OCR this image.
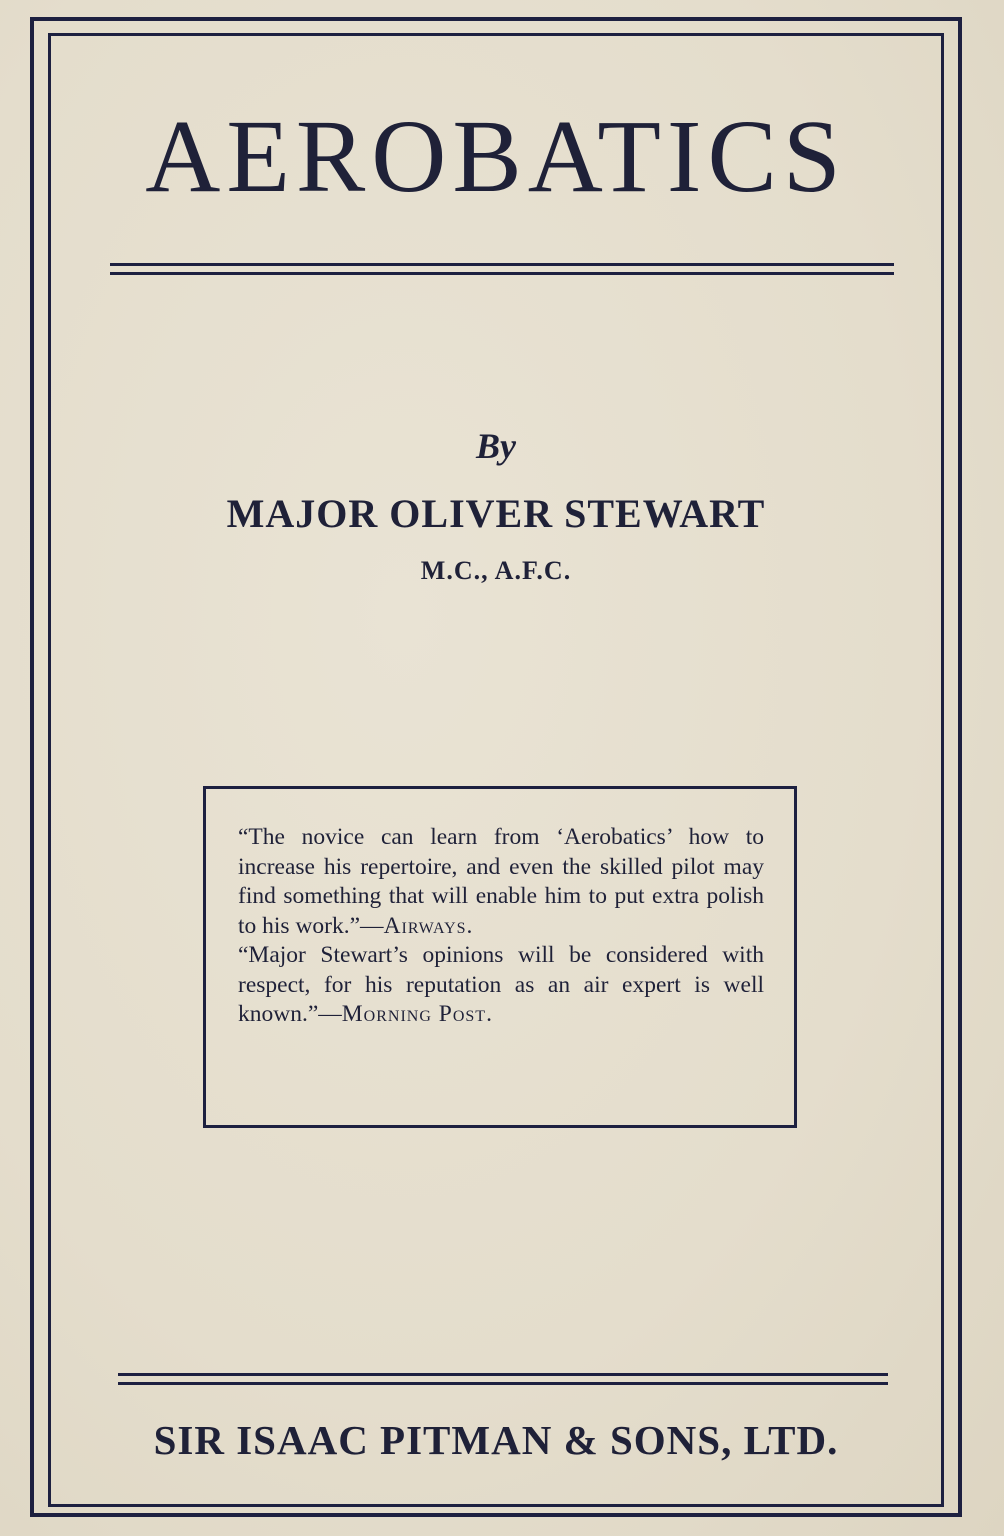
AEROBATICS
By
MAJOR OLIVER STEWART
M.C., A.F.C.

“The novice can learn from ‘Aerobatics’ how to increase his repertoire, and even the skilled pilot may find something that will enable him to put extra polish to his work.”—Airways.

“Major Stewart’s opinions will be considered with respect, for his reputation as an air expert is well known.”—Morning Post.

SIR ISAAC PITMAN & SONS, LTD.
